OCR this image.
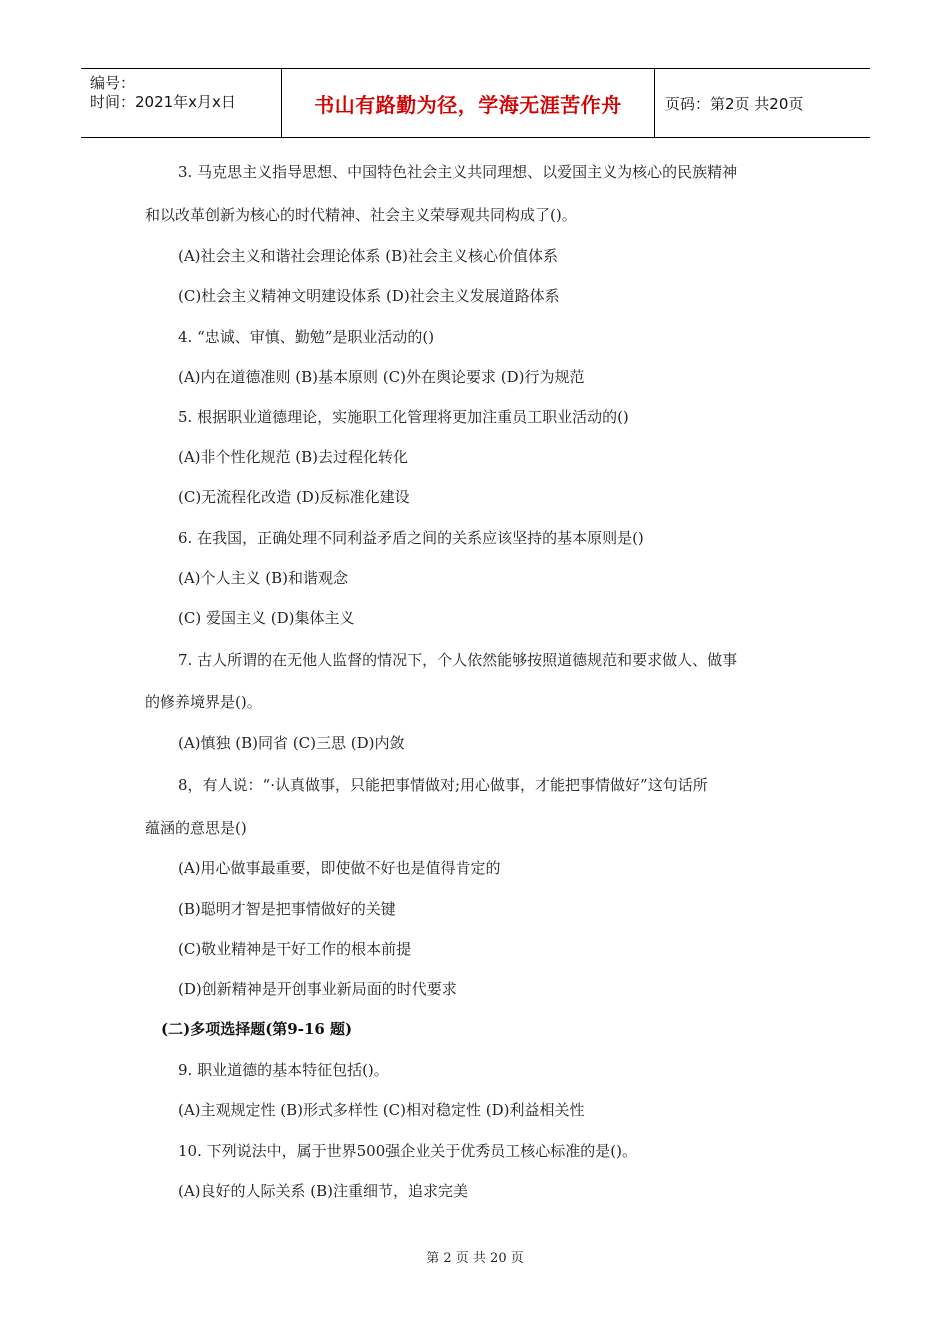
编号：
时间：2021年x月x日	书山有路勤为径，学海无涯苦作舟	页码：第2页 共20页
3. 马克思主义指导思想、中国特色社会主义共同理想、以爱国主义为核心的民族精神
和以改革创新为核心的时代精神、社会主义荣辱观共同构成了()。
(A)社会主义和谐社会理论体系 (B)社会主义核心价值体系
(C)杜会主义精神文明建设体系 (D)社会主义发展道路体系
4. “忠诚、审慎、勤勉”是职业活动的()
(A)内在道德准则 (B)基本原则 (C)外在舆论要求 (D)行为规范
5. 根据职业道德理论，实施职工化管理将更加注重员工职业活动的()
(A)非个性化规范 (B)去过程化转化
(C)无流程化改造 (D)反标准化建设
6. 在我国，正确处理不同利益矛盾之间的关系应该坚持的基本原则是()
(A)个人主义 (B)和谐观念
(C) 爱国主义 (D)集体主义
7. 古人所谓的在无他人监督的情况下，个人依然能够按照道德规范和要求做人、做事
的修养境界是()。
(A)慎独 (B)同省 (C)三思 (D)内敛
8，有人说：“·认真做事，只能把事情做对;用心做事，才能把事情做好”这句话所
蕴涵的意思是()
(A)用心做事最重要，即使做不好也是值得肯定的
(B)聪明才智是把事情做好的关键
(C)敬业精神是干好工作的根本前提
(D)创新精神是开创事业新局面的时代要求
(二)多项选择题(第9-16 题)
9. 职业道德的基本特征包括()。
(A)主观规定性 (B)形式多样性 (C)相对稳定性 (D)利益相关性
10. 下列说法中，属于世界500强企业关于优秀员工核心标准的是()。
(A)良好的人际关系 (B)注重细节，追求完美
第 2 页 共 20 页
